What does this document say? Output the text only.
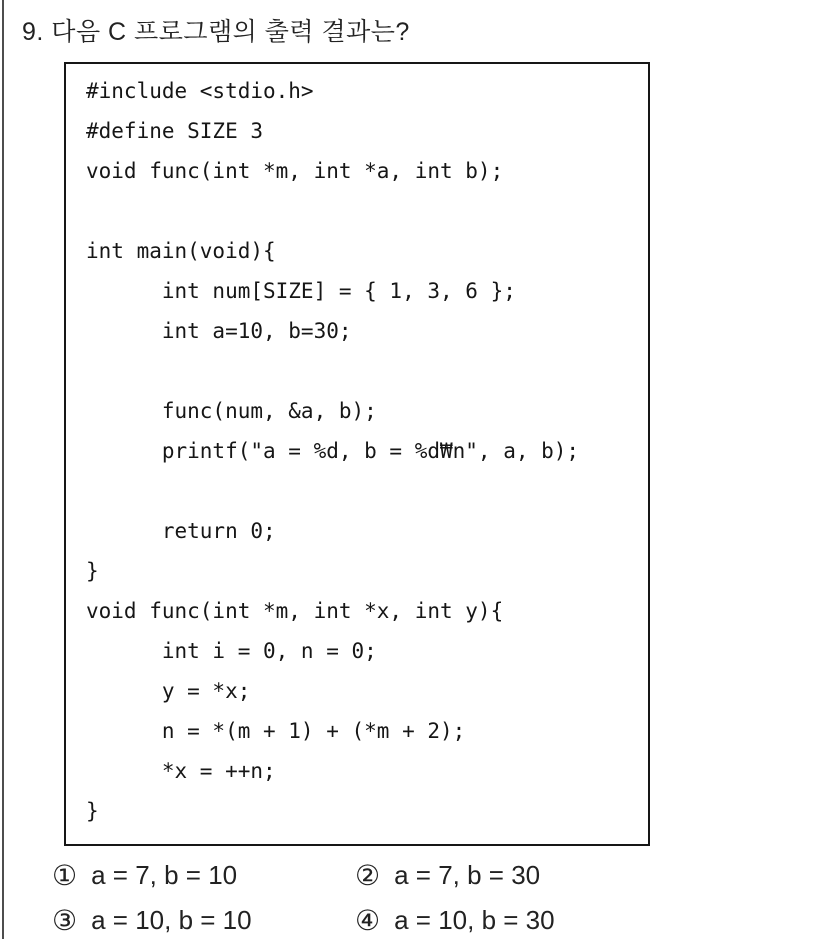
9. 다음 C 프로그램의 출력 결과는?
#include <stdio.h>
#define SIZE 3
void func(int *m, int *a, int b);
int main(void){
int num[SIZE] = { 1, 3, 6 };
int a=10, b=30;
func(num, &a, b);
printf("a = %d, b = %d₩n", a, b);
return 0;
}
void func(int *m, int *x, int y){
int i = 0, n = 0;
y = *x;
n = *(m + 1) + (*m + 2);
*x = ++n;
}
① a = 7, b = 10	② a = 7, b = 30
③ a = 10, b = 10	④ a = 10, b = 30
